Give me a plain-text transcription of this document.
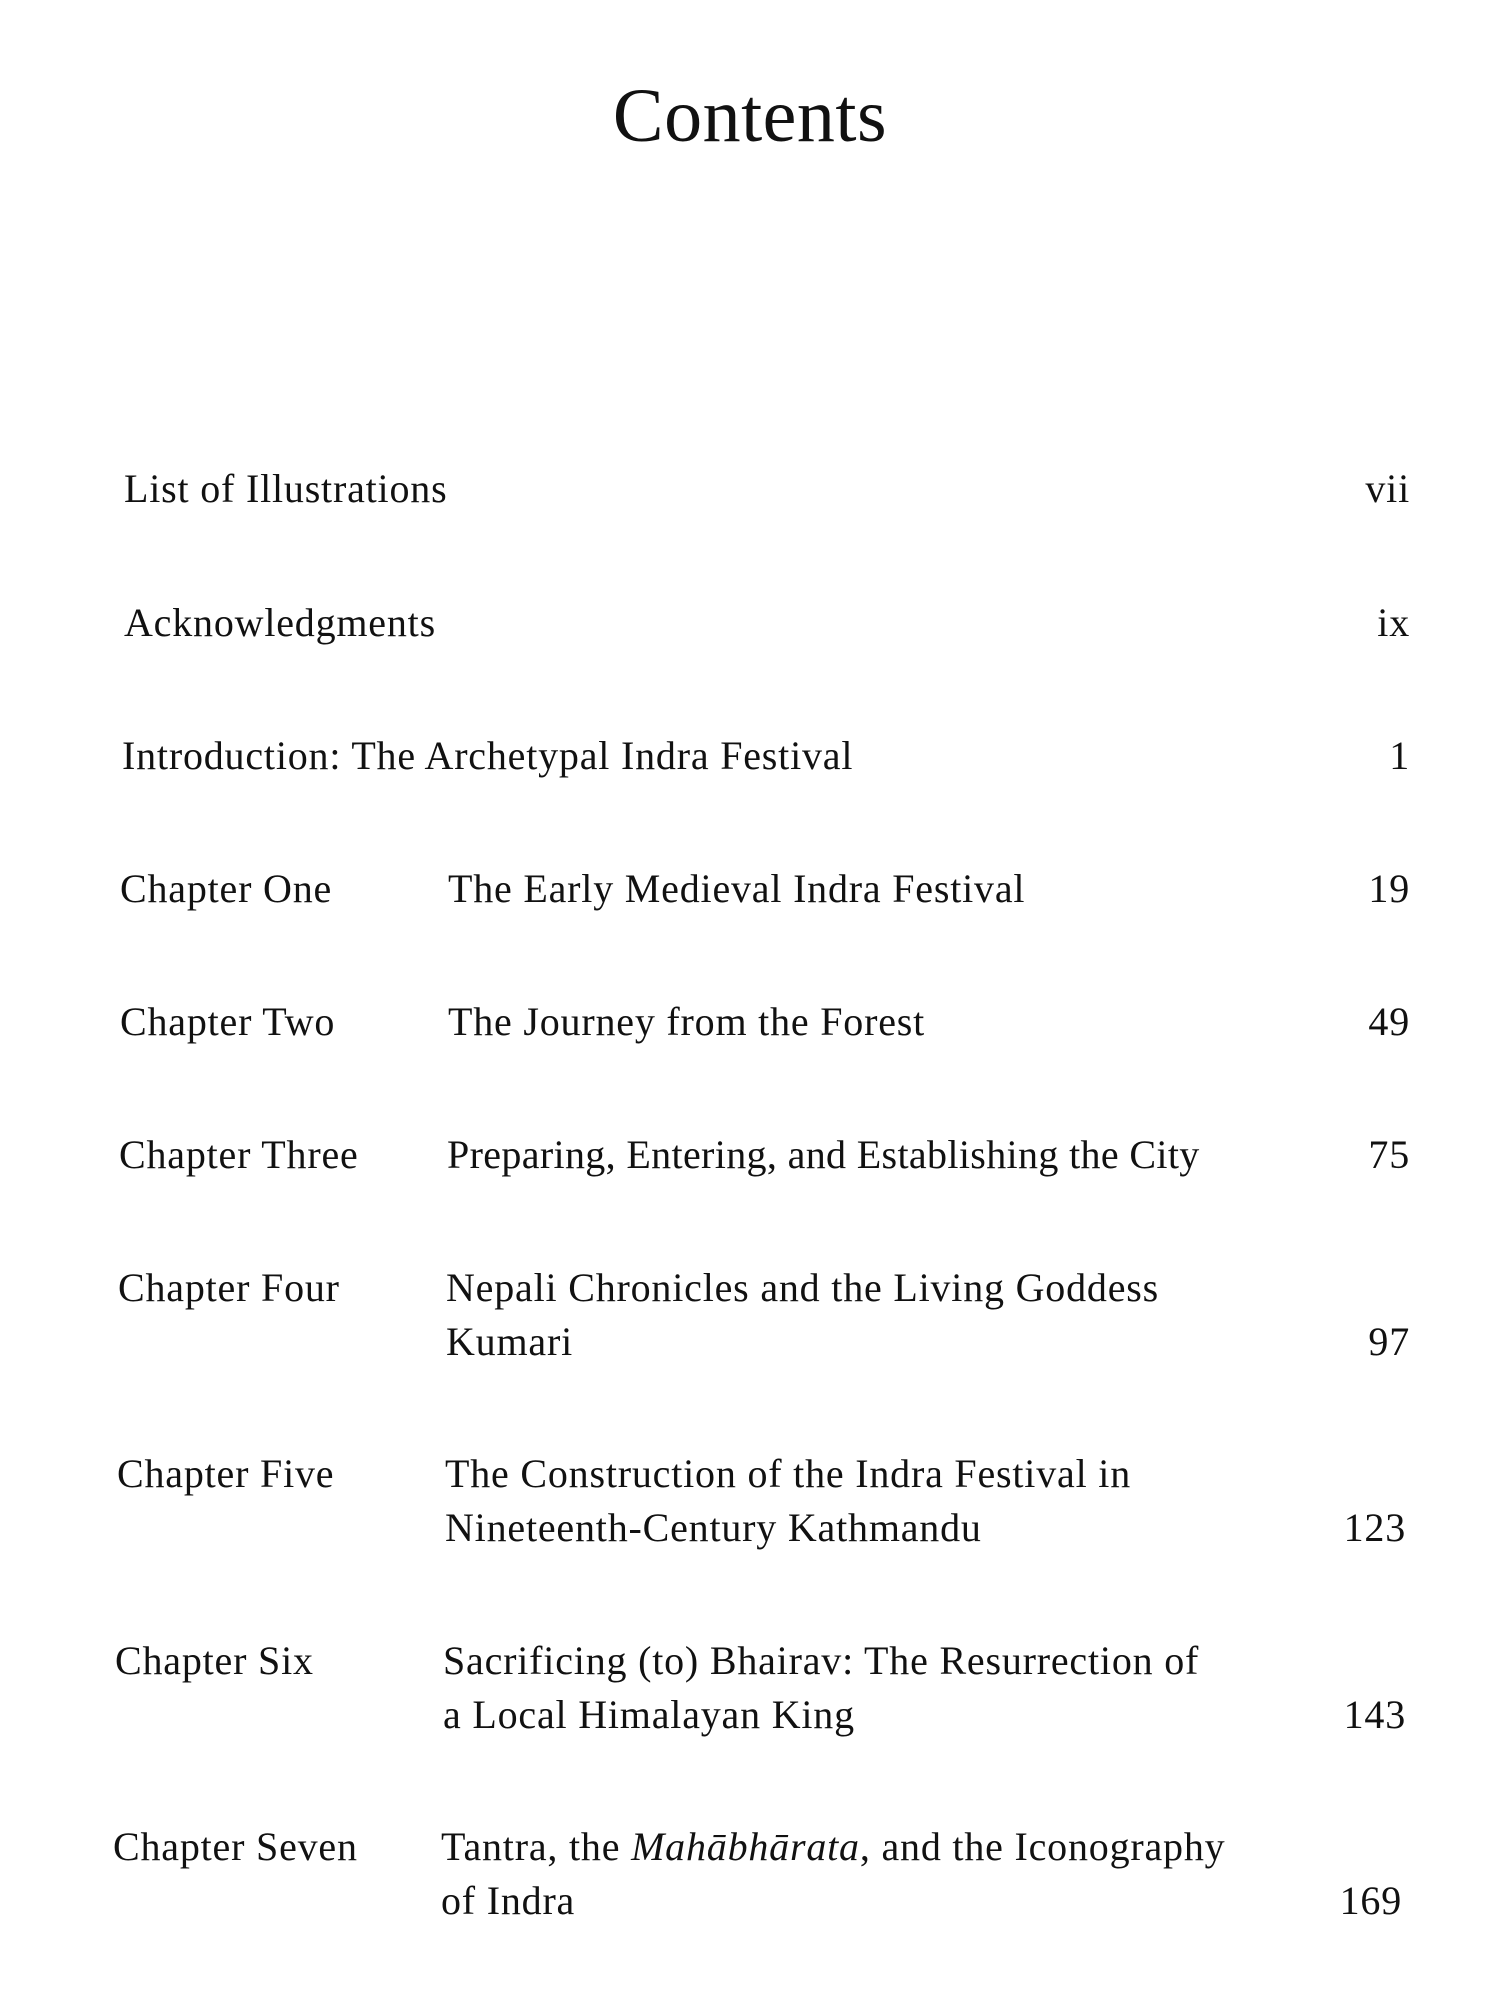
Contents
List of Illustrations	vii
Acknowledgments	ix
Introduction: The Archetypal Indra Festival	1
Chapter One	The Early Medieval Indra Festival	19
Chapter Two	The Journey from the Forest	49
Chapter Three Preparing, Entering, and Establishing the City	75
Chapter Four	Nepali Chronicles and the Living Goddess
Kumari	97
Chapter Five	The Construction of the Indra Festival in
Nineteenth-Century Kathmandu	123
Chapter Six	Sacrificing (to) Bhairav: The Resurrection of
a Local Himalayan King	143
Chapter Seven Tantra, the Mahābhārata, and the Iconography
of Indra	169
